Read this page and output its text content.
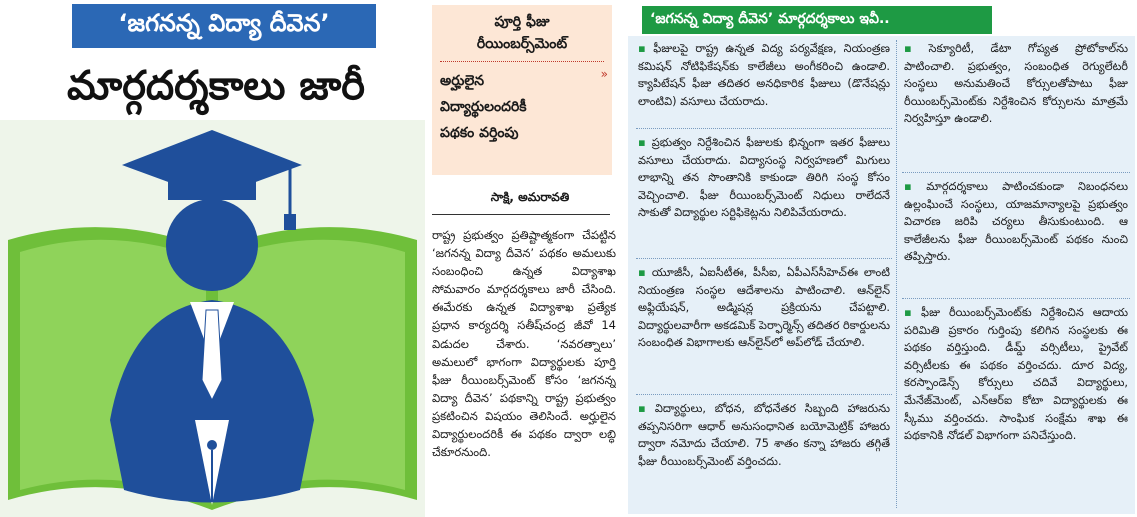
‘జగనన్న విద్యా దీవెన’
మార్గదర్శకాలు జారీ
పూర్తి ఫీజు
రీయింబర్స్‌మెంట్
»
అర్హులైన
విద్యార్థులందరికీ
పథకం వర్తింపు
సాక్షి, అమరావతి
రాష్ట్ర ప్రభుత్వం ప్రతిష్టాత్మకంగా చేపట్టిన ‘జగనన్న విద్యా దీవెన’ పథకం అమలుకు సంబంధించి ఉన్నత విద్యాశాఖ సోమవారం మార్గదర్శకాలు జారీ చేసింది. ఈమేరకు ఉన్నత విద్యాశాఖ ప్రత్యేక ప్రధాన కార్యదర్శి సతీష్‌చంద్ర జీవో 14 విడుదల చేశారు. ‘నవరత్నాలు’ అమలులో భాగంగా విద్యార్థులకు పూర్తి ఫీజు రీయింబర్స్‌మెంట్ కోసం ‘జగనన్న విద్యా దీవెన’ పథకాన్ని రాష్ట్ర ప్రభుత్వం ప్రకటించిన విషయం తెలిసిందే. అర్హులైన విద్యార్థులందరికీ ఈ పథకం ద్వారా లబ్ధి చేకూరనుంది.
‘జగనన్న విద్యా దీవెన’ మార్గదర్శకాలు ఇవీ..
▪ ఫీజులపై రాష్ట్ర ఉన్నత విద్య పర్యవేక్షణ, నియంత్రణ కమిషన్ నోటిఫికేషన్‌కు కాలేజీలు అంగీకరించి ఉండాలి. క్యాపిటేషన్ ఫీజు తదితర అనధికారిక ఫీజులు (డొనేషన్లు లాంటివి) వసూలు చేయరాదు.
▪ ప్రభుత్వం నిర్దేశించిన ఫీజులకు భిన్నంగా ఇతర ఫీజులు వసూలు చేయరాదు. విద్యాసంస్థ నిర్వహణలో మిగులు లాభాన్ని తన సొంతానికి కాకుండా తిరిగి సంస్థ కోసం వెచ్చించాలి. ఫీజు రీయింబర్స్‌మెంట్ నిధులు రాలేదనే సాకుతో విద్యార్థుల సర్టిఫికెట్లను నిలిపివేయరాదు.
▪ యూజీసీ, ఏఐసీటీఈ, పీసీఐ, ఏపీఎస్‌సీహెచ్‌ఈ లాంటి నియంత్రణ సంస్థల ఆదేశాలను పాటించాలి. ఆన్‌లైన్ అఫ్లియేషన్, అడ్మిషన్ల ప్రక్రియను చేపట్టాలి. విద్యార్థులవారీగా అకడమిక్ పెర్ఫార్మెన్స్ తదితర రికార్డులను సంబంధిత విభాగాలకు ఆన్‌లైన్‌లో అప్‌లోడ్ చేయాలి.
▪ విద్యార్థులు, బోధన, బోధనేతర సిబ్బంది హాజరును తప్పనిసరిగా ఆధార్ అనుసంధానిత బయోమెట్రిక్ హాజరు ద్వారా నమోదు చేయాలి. 75 శాతం కన్నా హాజరు తగ్గితే ఫీజు రీయింబర్స్‌మెంట్ వర్తించదు.
▪ సెక్యూరిటీ, డేటా గోప్యత ప్రోటోకాల్‌ను పాటించాలి. ప్రభుత్వం, సంబంధిత రెగ్యులేటరీ సంస్థలు అనుమతించే కోర్సులతోపాటు ఫీజు రీయింబర్స్‌మెంట్‌కు నిర్దేశించిన కోర్సులను మాత్రమే నిర్వహిస్తూ ఉండాలి.
▪ మార్గదర్శకాలు పాటించకుండా నిబంధనలు ఉల్లంఘించే సంస్థలు, యాజమాన్యాలపై ప్రభుత్వం విచారణ జరిపి చర్యలు తీసుకుంటుంది. ఆ కాలేజీలను ఫీజు రీయింబర్స్‌మెంట్ పథకం నుంచి తప్పిస్తారు.
▪ ఫీజు రీయింబర్స్‌మెంట్‌కు నిర్దేశించిన ఆదాయ పరిమితి ప్రకారం గుర్తింపు కలిగిన సంస్థలకు ఈ పథకం వర్తిస్తుంది. డీమ్డ్ వర్సిటీలు, ప్రైవేట్ వర్సిటీలకు ఈ పథకం వర్తించదు. దూర విద్య, కరస్పాండెన్స్ కోర్సులు చదివే విద్యార్థులు, మేనేజ్‌మెంట్, ఎన్‌ఆర్‌ఐ కోటా విద్యార్థులకు ఈ స్కీము వర్తించదు. సాంఘిక సంక్షేమ శాఖ ఈ పథకానికి నోడల్ విభాగంగా పనిచేస్తుంది.
